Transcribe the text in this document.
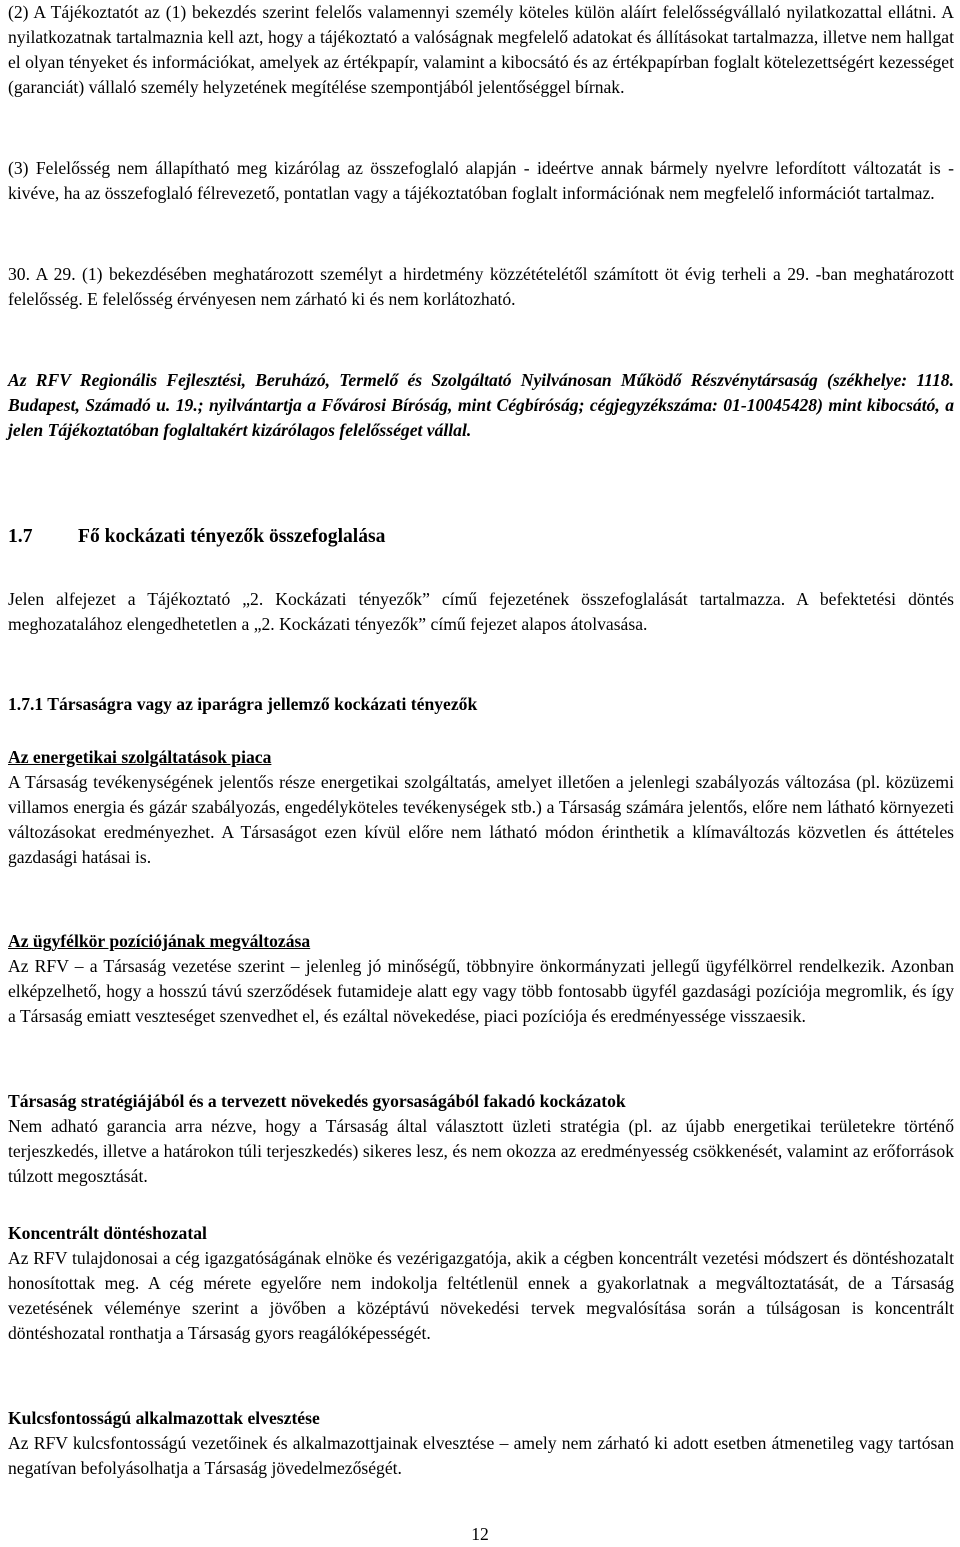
(2) A Tájékoztatót az (1) bekezdés szerint felelős valamennyi személy köteles külön aláírt felelősségvállaló nyilatkozattal ellátni. A nyilatkozatnak tartalmaznia kell azt, hogy a tájékoztató a valóságnak megfelelő adatokat és állításokat tartalmazza, illetve nem hallgat el olyan tényeket és információkat, amelyek az értékpapír, valamint a kibocsátó és az értékpapírban foglalt kötelezettségért kezességet (garanciát) vállaló személy helyzetének megítélése szempontjából jelentőséggel bírnak.

(3) Felelősség nem állapítható meg kizárólag az összefoglaló alapján - ideértve annak bármely nyelvre lefordított változatát is - kivéve, ha az összefoglaló félrevezető, pontatlan vagy a tájékoztatóban foglalt információnak nem megfelelő információt tartalmaz.

30. A 29. (1) bekezdésében meghatározott személyt a hirdetmény közzétételétől számított öt évig terheli a 29. -ban meghatározott felelősség. E felelősség érvényesen nem zárható ki és nem korlátozható.

Az RFV Regionális Fejlesztési, Beruházó, Termelő és Szolgáltató Nyilvánosan Működő Részvénytársaság (székhelye: 1118. Budapest, Számadó u. 19.; nyilvántartja a Fővárosi Bíróság, mint Cégbíróság; cégjegyzékszáma: 01-10045428) mint kibocsátó, a jelen Tájékoztatóban foglaltakért kizárólagos felelősséget vállal.

1.7 Fő kockázati tényezők összefoglalása

Jelen alfejezet a Tájékoztató „2. Kockázati tényezők” című fejezetének összefoglalását tartalmazza. A befektetési döntés meghozatalához elengedhetetlen a „2. Kockázati tényezők” című fejezet alapos átolvasása.

1.7.1 Társaságra vagy az iparágra jellemző kockázati tényezők
Az energetikai szolgáltatások piaca
A Társaság tevékenységének jelentős része energetikai szolgáltatás, amelyet illetően a jelenlegi szabályozás változása (pl. közüzemi villamos energia és gázár szabályozás, engedélyköteles tevékenységek stb.) a Társaság számára jelentős, előre nem látható környezeti változásokat eredményezhet. A Társaságot ezen kívül előre nem látható módon érinthetik a klímaváltozás közvetlen és áttételes gazdasági hatásai is.
Az ügyfélkör pozíciójának megváltozása
Az RFV – a Társaság vezetése szerint – jelenleg jó minőségű, többnyire önkormányzati jellegű ügyfélkörrel rendelkezik. Azonban elképzelhető, hogy a hosszú távú szerződések futamideje alatt egy vagy több fontosabb ügyfél gazdasági pozíciója megromlik, és így a Társaság emiatt veszteséget szenvedhet el, és ezáltal növekedése, piaci pozíciója és eredményessége visszaesik.
Társaság stratégiájából és a tervezett növekedés gyorsaságából fakadó kockázatok
Nem adható garancia arra nézve, hogy a Társaság által választott üzleti stratégia (pl. az újabb energetikai területekre történő terjeszkedés, illetve a határokon túli terjeszkedés) sikeres lesz, és nem okozza az eredményesség csökkenését, valamint az erőforrások túlzott megosztását.
Koncentrált döntéshozatal
Az RFV tulajdonosai a cég igazgatóságának elnöke és vezérigazgatója, akik a cégben koncentrált vezetési módszert és döntéshozatalt honosítottak meg. A cég mérete egyelőre nem indokolja feltétlenül ennek a gyakorlatnak a megváltoztatását, de a Társaság vezetésének véleménye szerint a jövőben a középtávú növekedési tervek megvalósítása során a túlságosan is koncentrált döntéshozatal ronthatja a Társaság gyors reagálóképességét.
Kulcsfontosságú alkalmazottak elvesztése
Az RFV kulcsfontosságú vezetőinek és alkalmazottjainak elvesztése – amely nem zárható ki adott esetben átmenetileg vagy tartósan negatívan befolyásolhatja a Társaság jövedelmezőségét.
12
